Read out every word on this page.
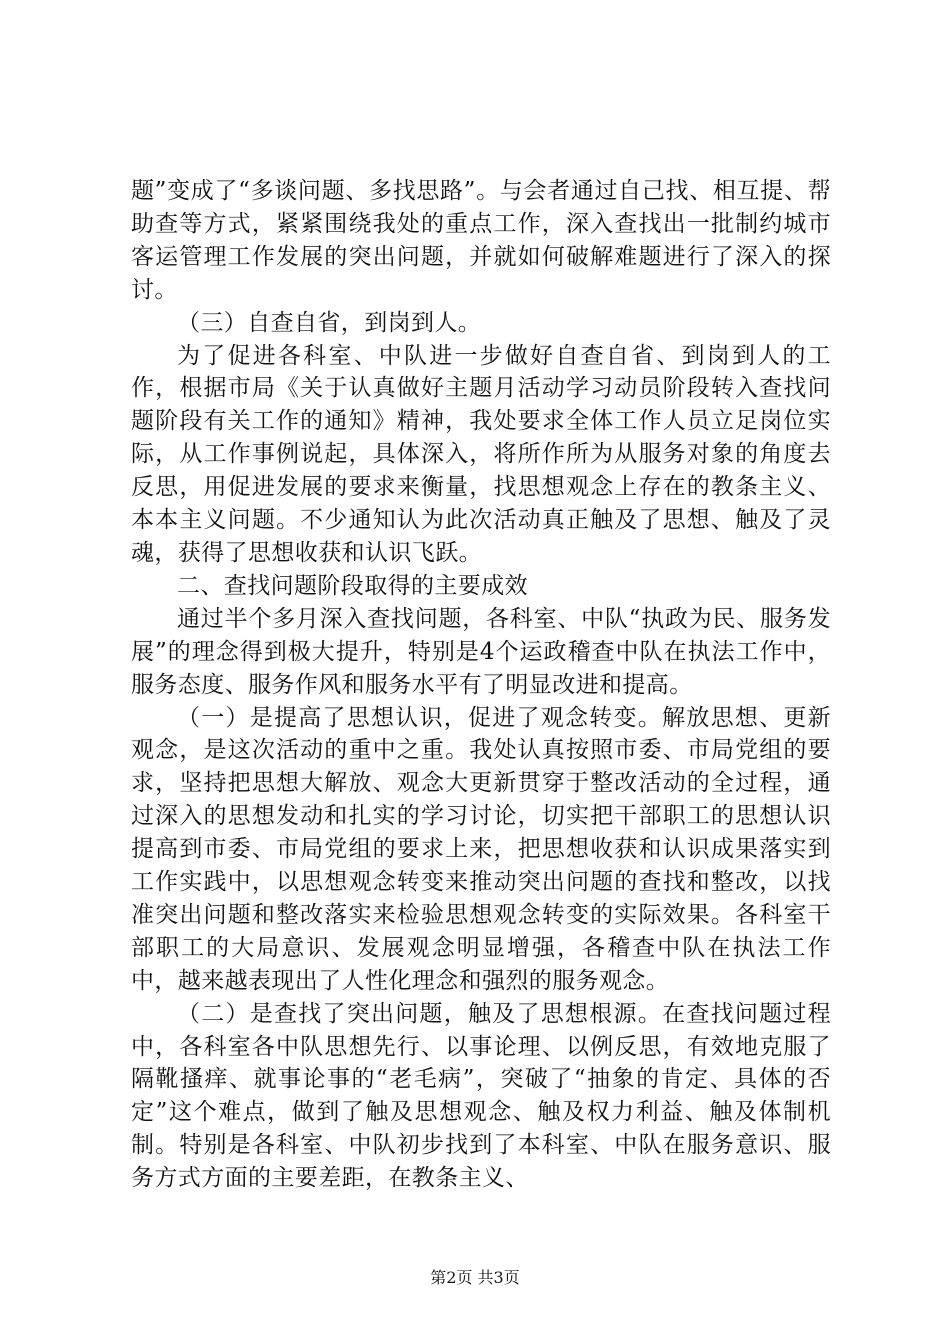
题”变成了“多谈问题、多找思路”。与会者通过自己找、相互提、帮助查等方式，紧紧围绕我处的重点工作，深入查找出一批制约城市客运管理工作发展的突出问题，并就如何破解难题进行了深入的探讨。

（三）自查自省，到岗到人。

为了促进各科室、中队进一步做好自查自省、到岗到人的工作，根据市局《关于认真做好主题月活动学习动员阶段转入查找问题阶段有关工作的通知》精神，我处要求全体工作人员立足岗位实际，从工作事例说起，具体深入，将所作所为从服务对象的角度去反思，用促进发展的要求来衡量，找思想观念上存在的教条主义、本本主义问题。不少通知认为此次活动真正触及了思想、触及了灵魂，获得了思想收获和认识飞跃。

二、查找问题阶段取得的主要成效

通过半个多月深入查找问题，各科室、中队“执政为民、服务发展”的理念得到极大提升，特别是4个运政稽查中队在执法工作中，服务态度、服务作风和服务水平有了明显改进和提高。

（一）是提高了思想认识，促进了观念转变。解放思想、更新观念，是这次活动的重中之重。我处认真按照市委、市局党组的要求，坚持把思想大解放、观念大更新贯穿于整改活动的全过程，通过深入的思想发动和扎实的学习讨论，切实把干部职工的思想认识提高到市委、市局党组的要求上来，把思想收获和认识成果落实到工作实践中，以思想观念转变来推动突出问题的查找和整改，以找准突出问题和整改落实来检验思想观念转变的实际效果。各科室干部职工的大局意识、发展观念明显增强，各稽查中队在执法工作中，越来越表现出了人性化理念和强烈的服务观念。

（二）是查找了突出问题，触及了思想根源。在查找问题过程中，各科室各中队思想先行、以事论理、以例反思，有效地克服了隔靴搔痒、就事论事的“老毛病”，突破了“抽象的肯定、具体的否定”这个难点，做到了触及思想观念、触及权力利益、触及体制机制。特别是各科室、中队初步找到了本科室、中队在服务意识、服务方式方面的主要差距，在教条主义、

第2页 共3页
